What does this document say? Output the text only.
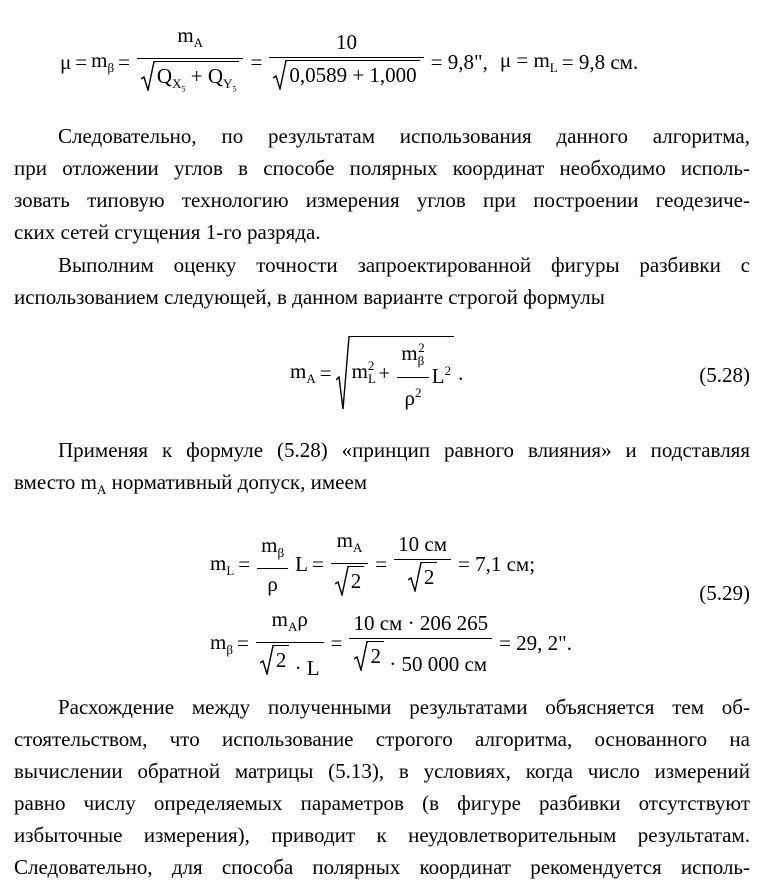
$\mu = m_\beta = \frac{m_A}{Q_{X_5} + Q_{Y_5}} = \frac{10}{0,0589 + 1,000} = 9,8$", $\mu = m_L = 9,8$ см.
Следовательно, по результатам использования данного алгоритма,
при отложении углов в способе полярных координат необходимо исполь-
зовать типовую технологию измерения углов при построении геодезиче-
ских сетей сгущения 1-го разряда.
Выполним оценку точности запроектированной фигуры разбивки с
использованием следующей, в данном варианте строгой формулы
$m_A = m_L^2 + \frac{m_\beta^2}{\rho^2} L^2$ .	(5.28)
Применяя к формуле (5.28) «принцип равного влияния» и подставляя
вместо $m_A$ нормативный допуск, имеем
$m_L = \frac{m_\beta}{\rho}$ $L = \frac{m_A}{2} = \frac{10 см}{2} = 7,1$ см;
(5.29)
$m_\beta = \frac{m_A\rho}{2 \cdot L} = \frac{10 см \cdot 206 265}{2 \cdot 50 000 см} = 29$, 2".
Расхождение между полученными результатами объясняется тем об-
стоятельством, что использование строгого алгоритма, основанного на
вычислении обратной матрицы (5.13), в условиях, когда число измерений
равно числу определяемых параметров (в фигуре разбивки отсутствуют
избыточные измерения), приводит к неудовлетворительным результатам.
Следовательно, для способа полярных координат рекомендуется исполь-
